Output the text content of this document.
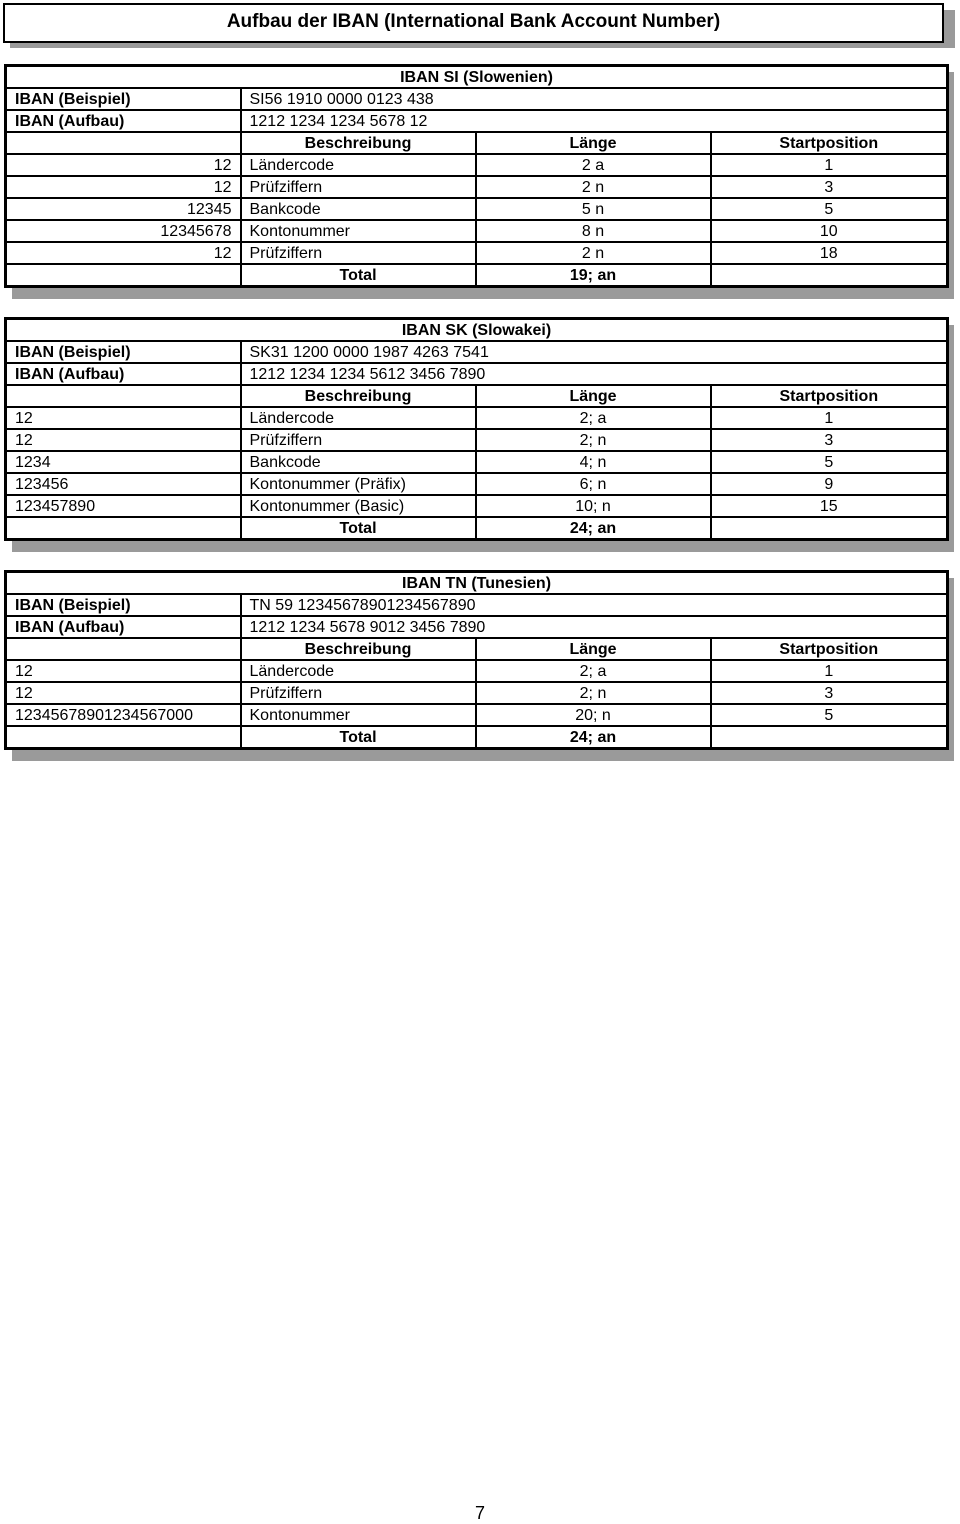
Aufbau der IBAN (International Bank Account Number)
IBAN SI (Slowenien)			
IBAN (Beispiel)	SI56 1910 0000 0123 438		
IBAN (Aufbau)	1212 1234 1234 5678 12		
	Beschreibung	Länge	Startposition
12	Ländercode	2 a	1
12	Prüfziffern	2 n	3
12345	Bankcode	5 n	5
12345678	Kontonummer	8 n	10
12	Prüfziffern	2 n	18
	Total	19; an	
IBAN SK (Slowakei)			
IBAN (Beispiel)	SK31 1200 0000 1987 4263 7541		
IBAN (Aufbau)	1212 1234 1234 5612 3456 7890		
	Beschreibung	Länge	Startposition
12	Ländercode	2; a	1
12	Prüfziffern	2; n	3
1234	Bankcode	4; n	5
123456	Kontonummer (Präfix)	6; n	9
123457890	Kontonummer (Basic)	10; n	15
	Total	24; an	
IBAN TN (Tunesien)			
IBAN (Beispiel)	TN 59 12345678901234567890		
IBAN (Aufbau)	1212 1234 5678 9012 3456 7890		
	Beschreibung	Länge	Startposition
12	Ländercode	2; a	1
12	Prüfziffern	2; n	3
12345678901234567000	Kontonummer	20; n	5
	Total	24; an	
7
